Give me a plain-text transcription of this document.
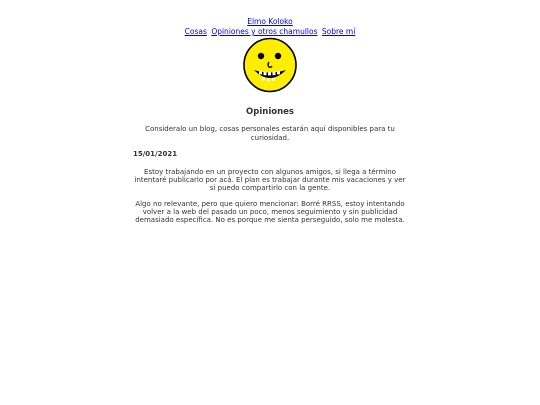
Elmo Koloko
Cosas Opiniones y otros chamullos Sobre mí
Opiniones
Consideralo un blog, cosas personales estarán aquí disponibles para tu curiosidad.
15/01/2021

Estoy trabajando en un proyecto con algunos amigos, si llega a término intentaré publicarlo por acá. El plan es trabajar durante mis vacaciones y ver si puedo compartirlo con la gente.

Algo no relevante, pero que quiero mencionar: Borré RRSS, estoy intentando volver a la web del pasado un poco, menos seguimiento y sin publicidad demasiado específica. No es porque me sienta perseguido, solo me molesta.
